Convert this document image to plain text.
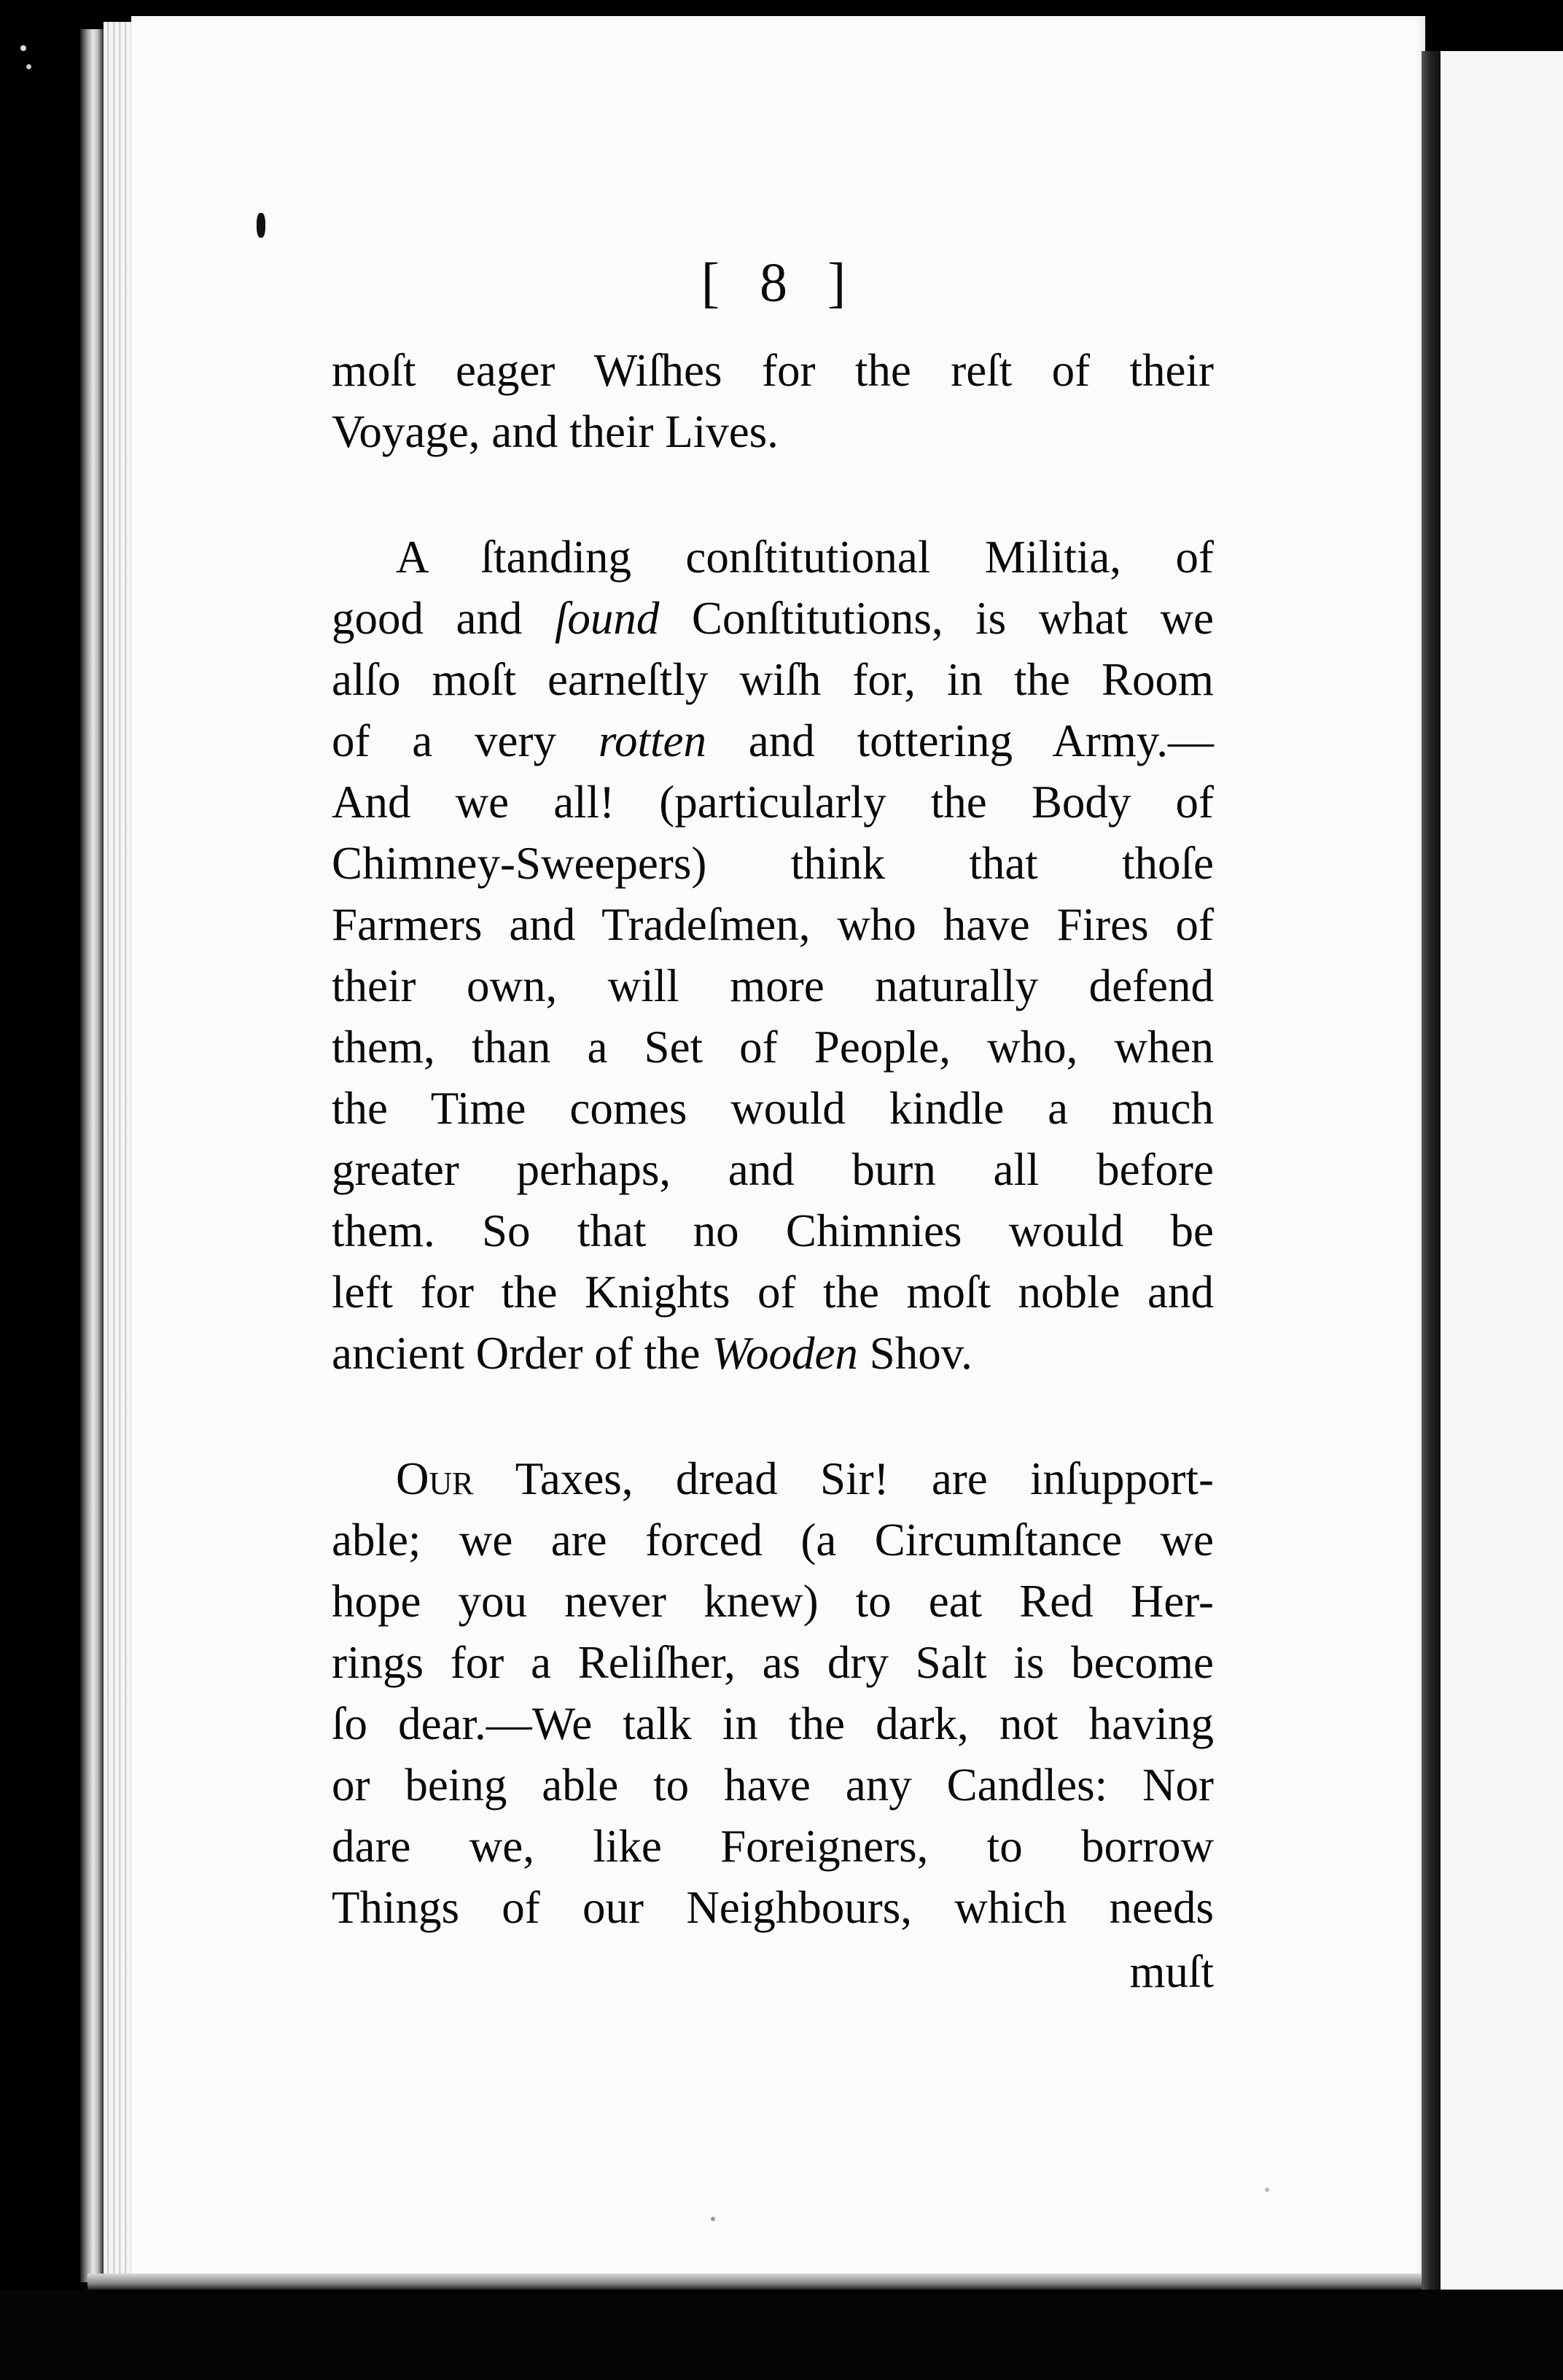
[ 8 ]
moſt eager Wiſhes for the reſt of their
Voyage, and their Lives.
A ſtanding conſtitutional Militia, of
good and ſound Conſtitutions, is what we
alſo moſt earneſtly wiſh for, in the Room
of a very rotten and tottering Army.—
And we all! (particularly the Body of
Chimney-Sweepers) think that thoſe
Farmers and Tradeſmen, who have Fires of
their own, will more naturally defend
them, than a Set of People, who, when
the Time comes would kindle a much
greater perhaps, and burn all before
them. So that no Chimnies would be
left for the Knights of the moſt noble and
ancient Order of the Wooden Shov.
Our Taxes, dread Sir! are inſupport-
able; we are forced (a Circumſtance we
hope you never knew) to eat Red Her-
rings for a Reliſher, as dry Salt is become
ſo dear.—We talk in the dark, not having
or being able to have any Candles: Nor
dare we, like Foreigners, to borrow
Things of our Neighbours, which needs
muſt
